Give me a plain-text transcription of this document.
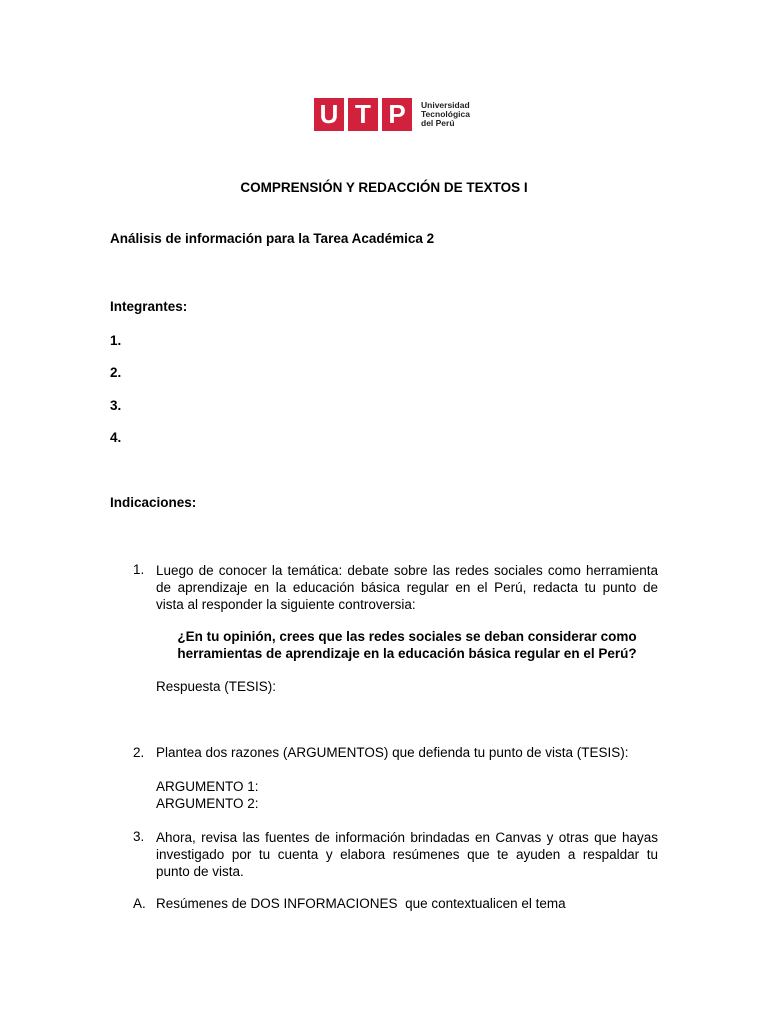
U T P	Universidad
Tecnológica
del Perú
COMPRENSIÓN Y REDACCIÓN DE TEXTOS I
Análisis de información para la Tarea Académica 2
Integrantes:
1.
2.
3.
4.
Indicaciones:
1. Luego de conocer la temática: debate sobre las redes sociales como herramienta
de aprendizaje en la educación básica regular en el Perú, redacta tu punto de
vista al responder la siguiente controversia:
¿En tu opinión, crees que las redes sociales se deban considerar como
herramientas de aprendizaje en la educación básica regular en el Perú?
Respuesta (TESIS):
2. Plantea dos razones (ARGUMENTOS) que defienda tu punto de vista (TESIS):
ARGUMENTO 1:
ARGUMENTO 2:
3. Ahora, revisa las fuentes de información brindadas en Canvas y otras que hayas
investigado por tu cuenta y elabora resúmenes que te ayuden a respaldar tu
punto de vista.
A. Resúmenes de DOS INFORMACIONES  que contextualicen el tema
